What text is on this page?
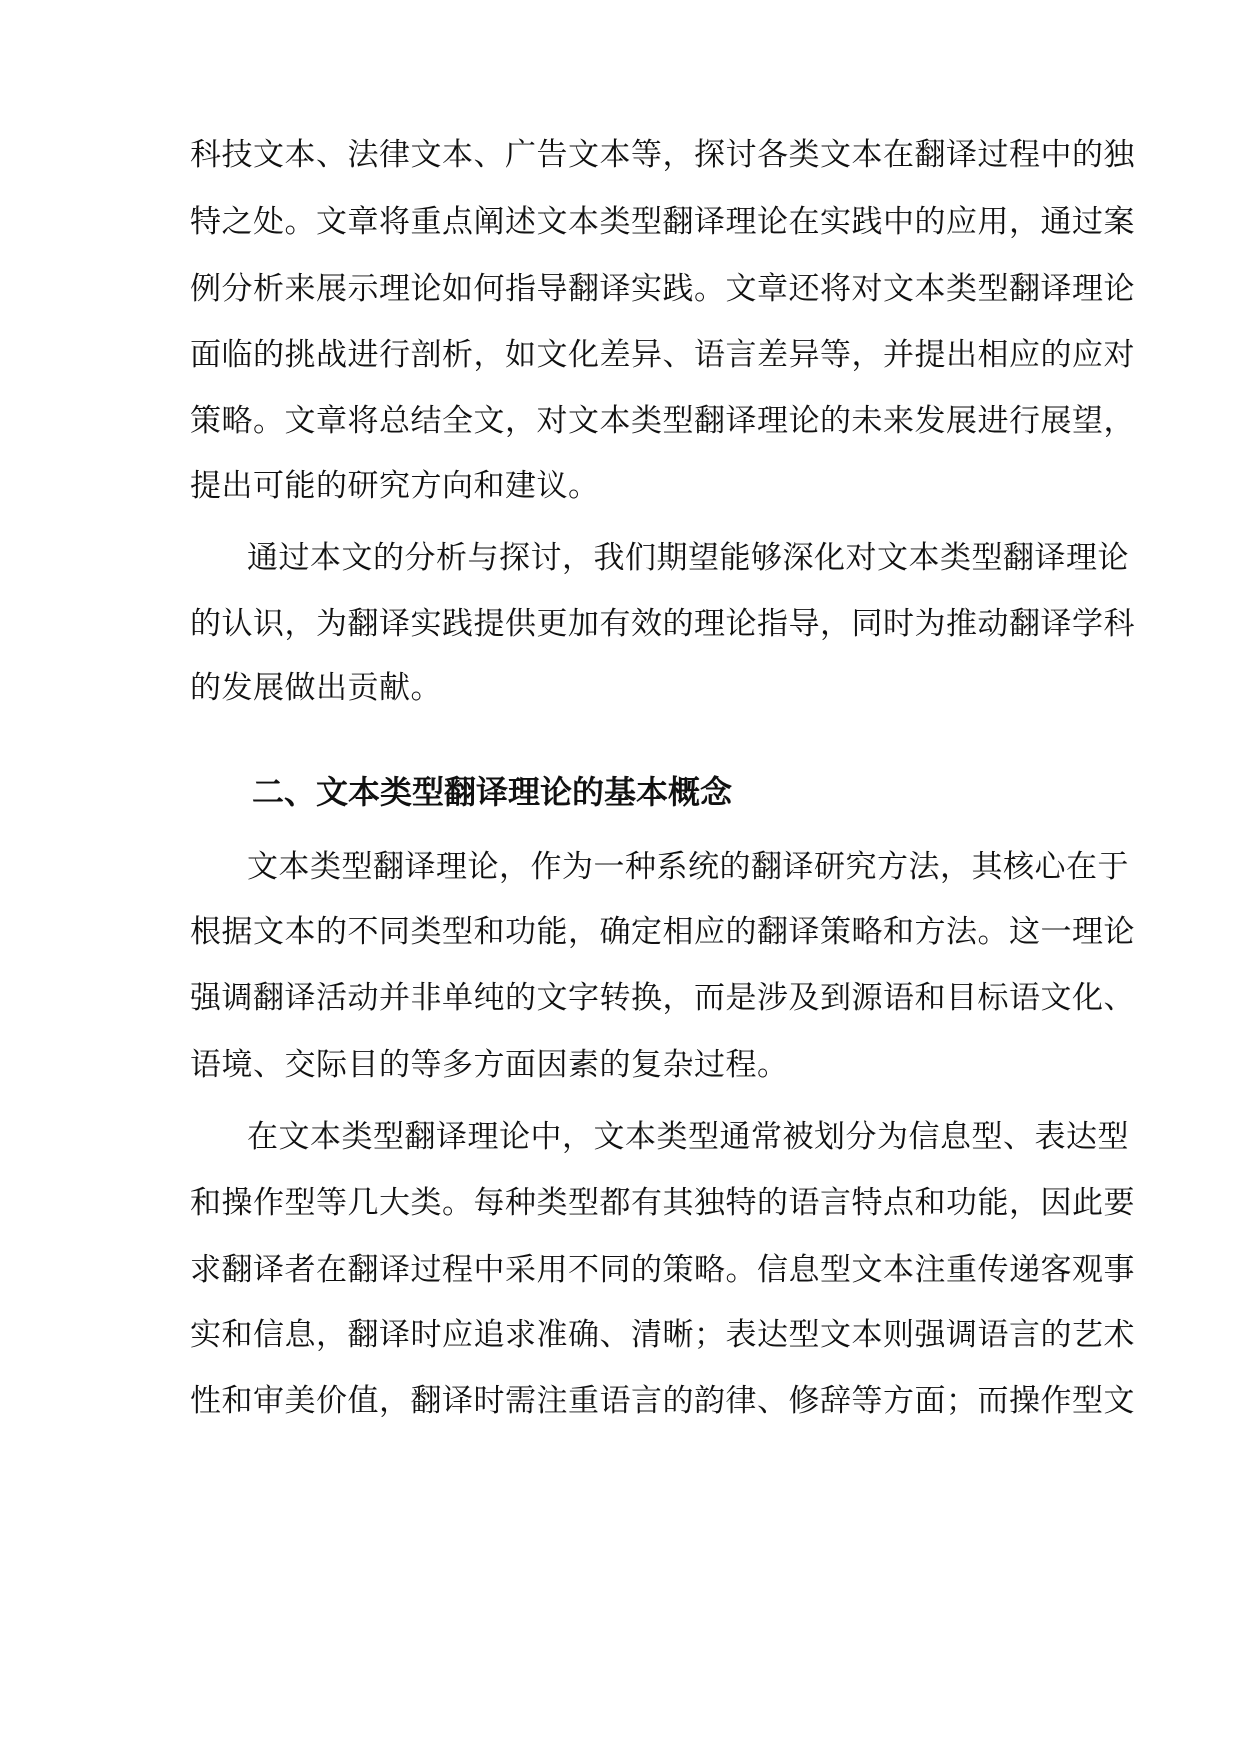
科技文本、法律文本、广告文本等，探讨各类文本在翻译过程中的独
特之处。文章将重点阐述文本类型翻译理论在实践中的应用，通过案
例分析来展示理论如何指导翻译实践。文章还将对文本类型翻译理论
面临的挑战进行剖析，如文化差异、语言差异等，并提出相应的应对
策略。文章将总结全文，对文本类型翻译理论的未来发展进行展望，
提出可能的研究方向和建议。
通过本文的分析与探讨，我们期望能够深化对文本类型翻译理论
的认识，为翻译实践提供更加有效的理论指导，同时为推动翻译学科
的发展做出贡献。
二、文本类型翻译理论的基本概念
文本类型翻译理论，作为一种系统的翻译研究方法，其核心在于
根据文本的不同类型和功能，确定相应的翻译策略和方法。这一理论
强调翻译活动并非单纯的文字转换，而是涉及到源语和目标语文化、
语境、交际目的等多方面因素的复杂过程。
在文本类型翻译理论中，文本类型通常被划分为信息型、表达型
和操作型等几大类。每种类型都有其独特的语言特点和功能，因此要
求翻译者在翻译过程中采用不同的策略。信息型文本注重传递客观事
实和信息，翻译时应追求准确、清晰；表达型文本则强调语言的艺术
性和审美价值，翻译时需注重语言的韵律、修辞等方面；而操作型文
